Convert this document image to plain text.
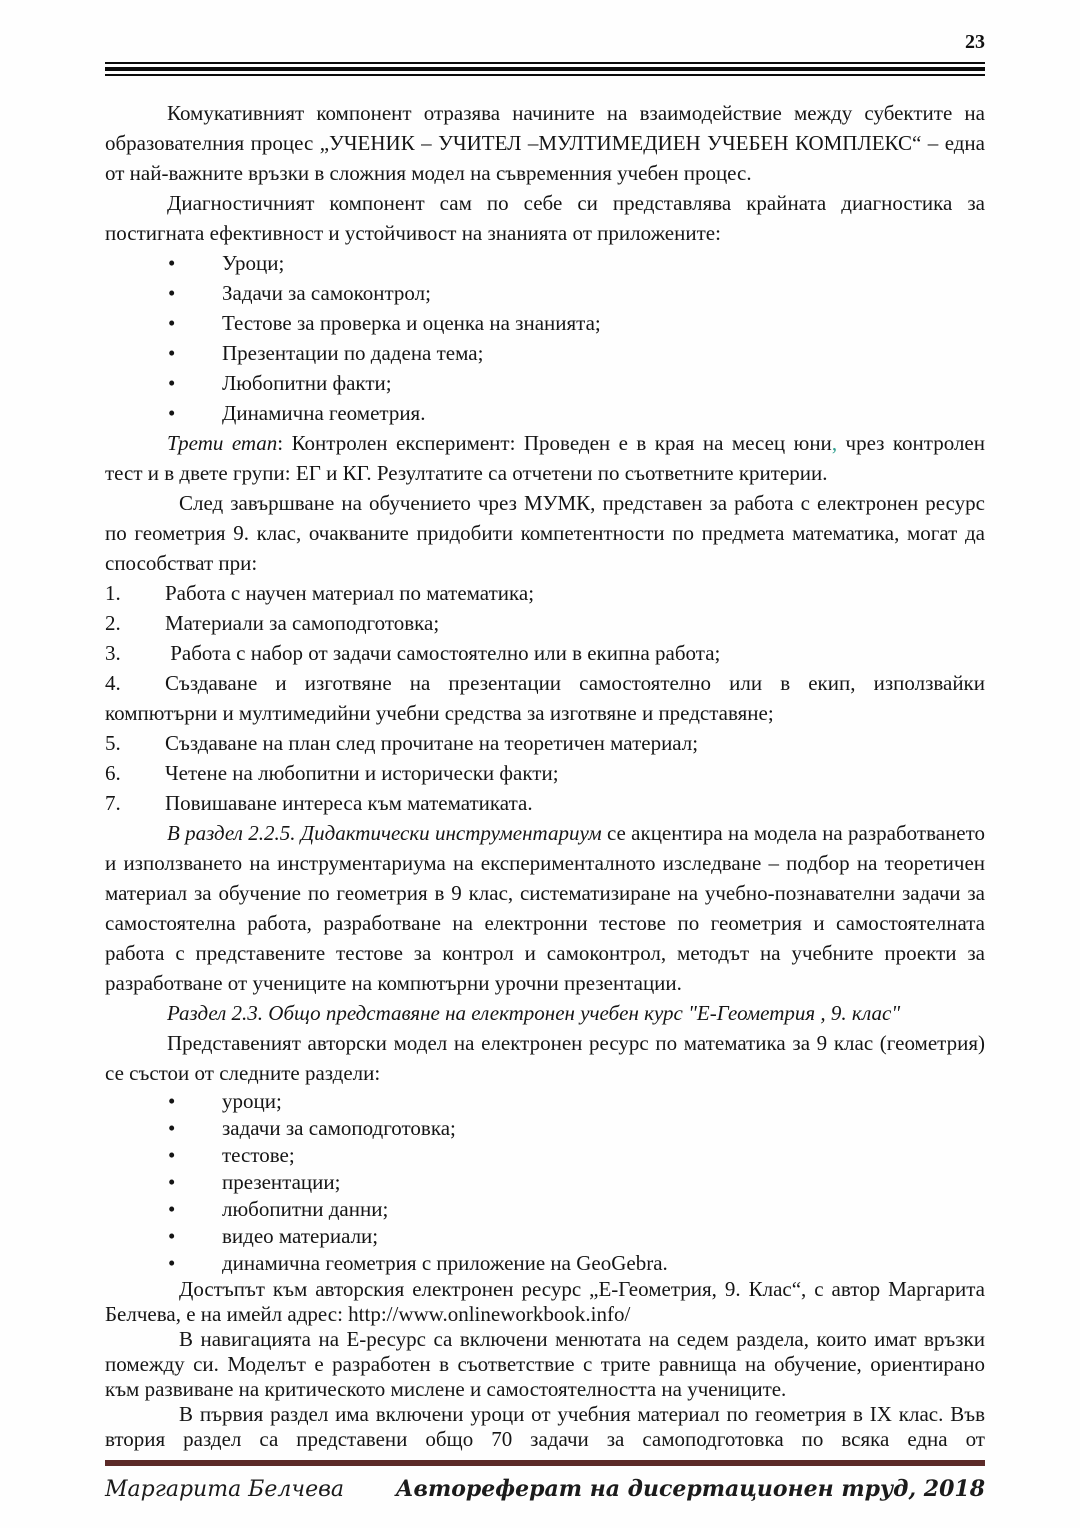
23

Комукативният компонент отразява начините на взаимодействие между субектите на образователния процес „УЧЕНИК – УЧИТЕЛ –МУЛТИМЕДИЕН УЧЕБЕН КОМПЛЕКС“ – една от най-важните връзки в сложния модел на съвременния учебен процес.

Диагностичният компонент сам по себе си представлява крайната диагностика за постигната ефективност и устойчивост на знанията от приложените:

• Уроци;
• Задачи за самоконтрол;
• Тестове за проверка и оценка на знанията;
• Презентации по дадена тема;
• Любопитни факти;
• Динамична геометрия.

Трети етап: Контролен експеримент: Проведен е в края на месец юни, чрез контролен тест и в двете групи: ЕГ и КГ. Резултатите са отчетени по съответните критерии.

След завършване на обучението чрез МУМК, представен за работа с електронен ресурс по геометрия 9. клас, очакваните придобити компетентности по предмета математика, могат да способстват при:

1. Работа с научен материал по математика;
2. Материали за самоподготовка;
3. Работа с набор от задачи самостоятелно или в екипна работа;
4. Създаване и изготвяне на презентации самостоятелно или в екип, използвайки компютърни и мултимедийни учебни средства за изготвяне и представяне;
5. Създаване на план след прочитане на теоретичен материал;
6. Четене на любопитни и исторически факти;
7. Повишаване интереса към математиката.

В раздел 2.2.5. Дидактически инструментариум се акцентира на модела на разработването и използването на инструментариума на експерименталното изследване – подбор на теоретичен материал за обучение по геометрия в 9 клас, систематизиране на учебно-познавателни задачи за самостоятелна работа, разработване на електронни тестове по геометрия и самостоятелната работа с представените тестове за контрол и самоконтрол, методът на учебните проекти за разработване от учениците на компютърни урочни презентации.

Раздел 2.3. Общо представяне на електронен учебен курс "Е-Геометрия , 9. клас"

Представеният авторски модел на електронен ресурс по математика за 9 клас (геометрия) се състои от следните раздели:

• уроци;
• задачи за самоподготовка;
• тестове;
• презентации;
• любопитни данни;
• видео материали;
• динамична геометрия с приложение на GeoGebra.

Достъпът към авторския електронен ресурс „Е-Геометрия, 9. Клас“, с автор Маргарита Белчева, е на имейл адрес: http://www.onlineworkbook.info/

В навигацията на Е-ресурс са включени менютата на седем раздела, които имат връзки помежду си. Моделът е разработен в съответствие с трите равнища на обучение, ориентирано към развиване на критическото мислене и самостоятелността на учениците.

В първия раздел има включени уроци от учебния материал по геометрия в IX клас. Във втория раздел са представени общо 70 задачи за самоподготовка по всяка една от

Маргарита Белчева Автореферат на дисертационен труд, 2018
